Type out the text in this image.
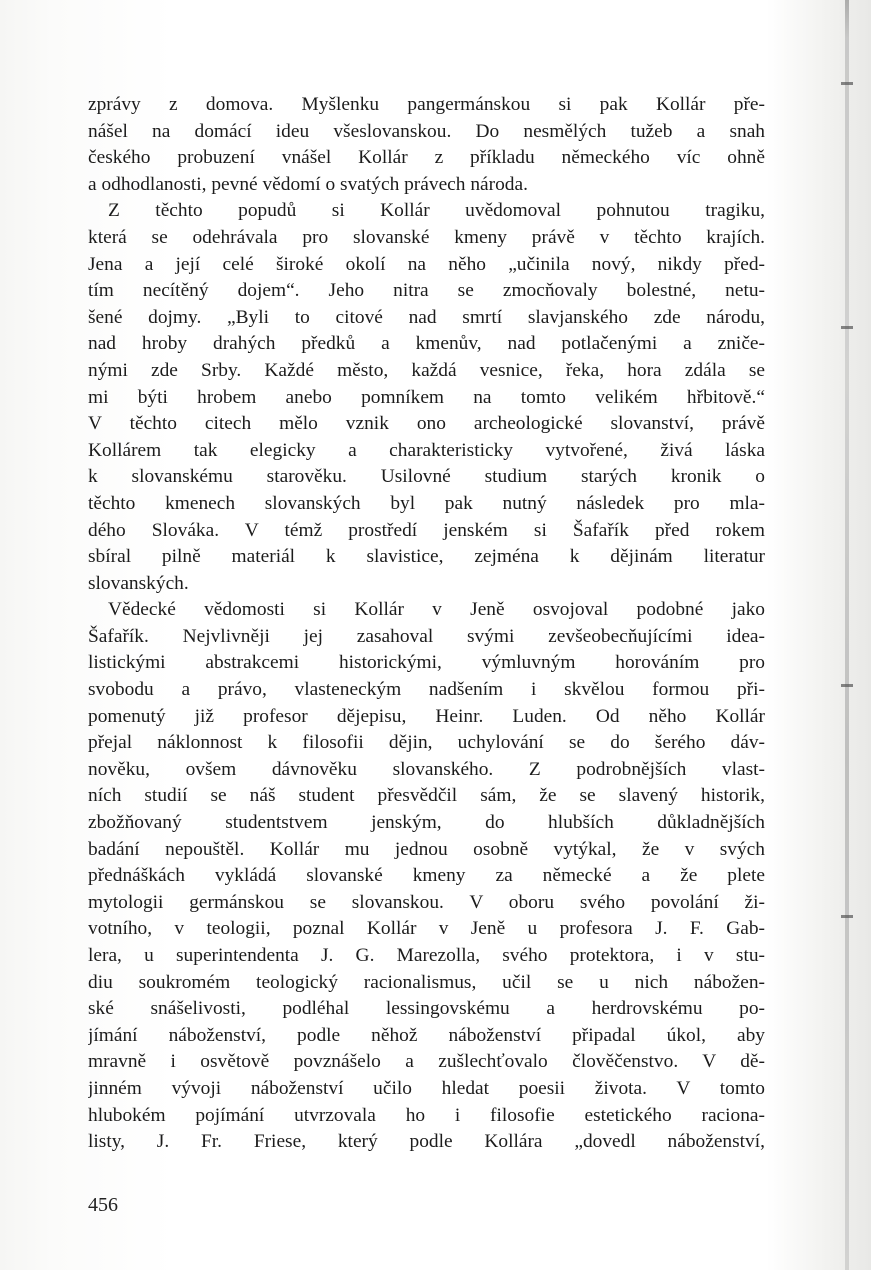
zprávy z domova. Myšlenku pangermánskou si pak Kollár pře-
nášel na domácí ideu všeslovanskou. Do nesmělých tužeb a snah
českého probuzení vnášel Kollár z příkladu německého víc ohně
a odhodlanosti, pevné vědomí o svatých právech národa.
Z těchto popudů si Kollár uvědomoval pohnutou tragiku,
která se odehrávala pro slovanské kmeny právě v těchto krajích.
Jena a její celé široké okolí na něho „učinila nový, nikdy před-
tím necítěný dojem“. Jeho nitra se zmocňovaly bolestné, netu-
šené dojmy. „Byli to citové nad smrtí slavjanského zde národu,
nad hroby drahých předků a kmenův, nad potlačenými a zniče-
nými zde Srby. Každé město, každá vesnice, řeka, hora zdála se
mi býti hrobem anebo pomníkem na tomto velikém hřbitově.“
V těchto citech mělo vznik ono archeologické slovanství, právě
Kollárem tak elegicky a charakteristicky vytvořené, živá láska
k slovanskému starověku. Usilovné studium starých kronik o
těchto kmenech slovanských byl pak nutný následek pro mla-
dého Slováka. V témž prostředí jenském si Šafařík před rokem
sbíral pilně materiál k slavistice, zejména k dějinám literatur
slovanských.
Vědecké vědomosti si Kollár v Jeně osvojoval podobné jako
Šafařík. Nejvlivněji jej zasahoval svými zevšeobecňujícími idea-
listickými abstrakcemi historickými, výmluvným horováním pro
svobodu a právo, vlasteneckým nadšením i skvělou formou při-
pomenutý již profesor dějepisu, Heinr. Luden. Od něho Kollár
přejal náklonnost k filosofii dějin, uchylování se do šerého dáv-
nověku, ovšem dávnověku slovanského. Z podrobnějších vlast-
ních studií se náš student přesvědčil sám, že se slavený historik,
zbožňovaný studentstvem jenským, do hlubších důkladnějších
badání nepouštěl. Kollár mu jednou osobně vytýkal, že v svých
přednáškách vykládá slovanské kmeny za německé a že plete
mytologii germánskou se slovanskou. V oboru svého povolání ži-
votního, v teologii, poznal Kollár v Jeně u profesora J. F. Gab-
lera, u superintendenta J. G. Marezolla, svého protektora, i v stu-
diu soukromém teologický racionalismus, učil se u nich nábožen-
ské snášelivosti, podléhal lessingovskému a herdrovskému po-
jímání náboženství, podle něhož náboženství připadal úkol, aby
mravně i osvětově povznášelo a zušlechťovalo člověčenstvo. V dě-
jinném vývoji náboženství učilo hledat poesii života. V tomto
hlubokém pojímání utvrzovala ho i filosofie estetického raciona-
listy, J. Fr. Friese, který podle Kollára „dovedl náboženství,
456
